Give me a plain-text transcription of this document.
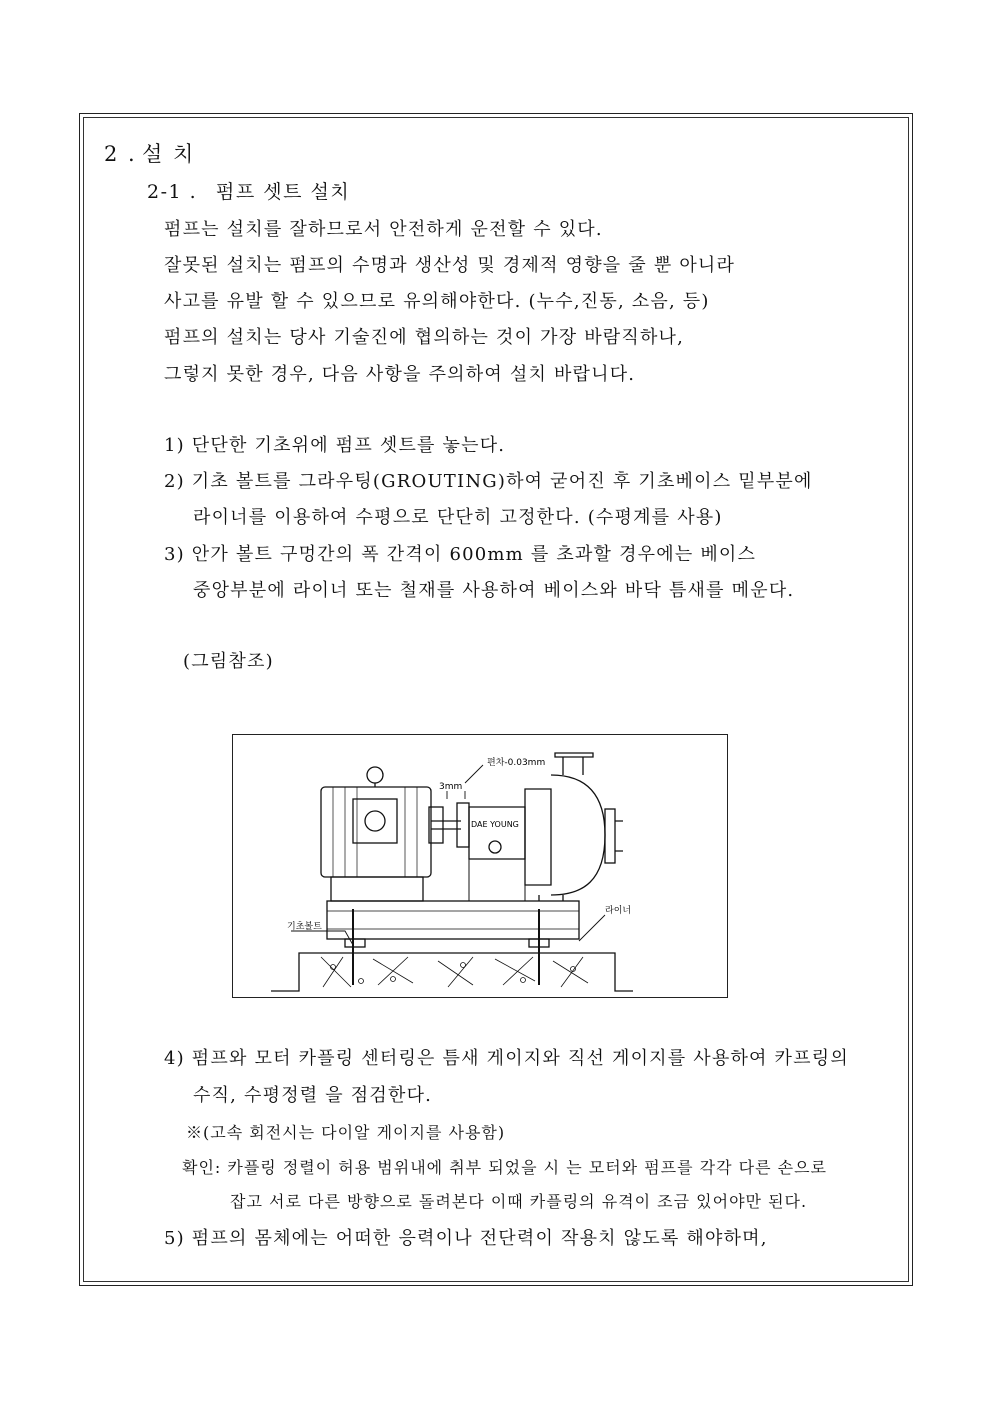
2 . 설 치
2-1 . 펌프 셋트 설치
펌프는 설치를 잘하므로서 안전하게 운전할 수 있다.
잘못된 설치는 펌프의 수명과 생산성 및 경제적 영향을 줄 뿐 아니라
사고를 유발 할 수 있으므로 유의해야한다. (누수,진동, 소음, 등)
펌프의 설치는 당사 기술진에 협의하는 것이 가장 바람직하나,
그렇지 못한 경우, 다음 사항을 주의하여 설치 바랍니다.
1) 단단한 기초위에 펌프 셋트를 놓는다.
2) 기초 볼트를 그라우팅(GROUTING)하여 굳어진 후 기초베이스 밑부분에
라이너를 이용하여 수평으로 단단히 고정한다. (수평계를 사용)
3) 안가 볼트 구멍간의 폭 간격이 600mm 를 초과할 경우에는 베이스
중앙부분에 라이너 또는 철재를 사용하여 베이스와 바닥 틈새를 메운다.
(그림참조)
편차-0.03mm
3mm
DAE YOUNG
라이너
기초볼트
4) 펌프와 모터 카플링 센터링은 틈새 게이지와 직선 게이지를 사용하여 카프링의
수직, 수평정렬 을 점검한다.
※(고속 회전시는 다이알 게이지를 사용함)
확인: 카플링 정렬이 허용 범위내에 취부 되었을 시 는 모터와 펌프를 각각 다른 손으로
잡고 서로 다른 방향으로 돌려본다 이때 카플링의 유격이 조금 있어야만 된다.
5) 펌프의 몸체에는 어떠한 응력이나 전단력이 작용치 않도록 해야하며,
